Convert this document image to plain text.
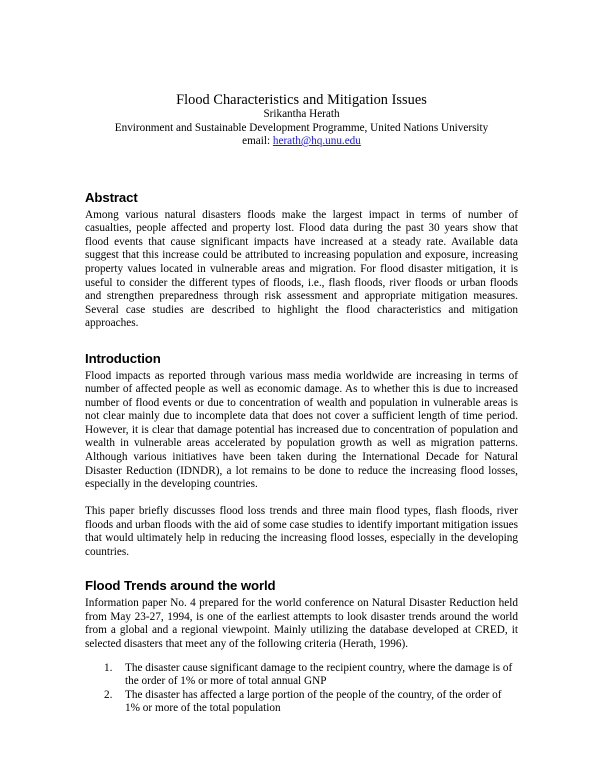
Flood Characteristics and Mitigation Issues
Srikantha Herath
Environment and Sustainable Development Programme, United Nations University
email: herath@hq.unu.edu
Abstract

Among various natural disasters floods make the largest impact in terms of number of casualties, people affected and property lost. Flood data during the past 30 years show that flood events that cause significant impacts have increased at a steady rate. Available data suggest that this increase could be attributed to increasing population and exposure, increasing property values located in vulnerable areas and migration. For flood disaster mitigation, it is useful to consider the different types of floods, i.e., flash floods, river floods or urban floods and strengthen preparedness through risk assessment and appropriate mitigation measures. Several case studies are described to highlight the flood characteristics and mitigation approaches.

Introduction

Flood impacts as reported through various mass media worldwide are increasing in terms of number of affected people as well as economic damage. As to whether this is due to increased number of flood events or due to concentration of wealth and population in vulnerable areas is not clear mainly due to incomplete data that does not cover a sufficient length of time period. However, it is clear that damage potential has increased due to concentration of population and wealth in vulnerable areas accelerated by population growth as well as migration patterns. Although various initiatives have been taken during the International Decade for Natural Disaster Reduction (IDNDR), a lot remains to be done to reduce the increasing flood losses, especially in the developing countries.

This paper briefly discusses flood loss trends and three main flood types, flash floods, river floods and urban floods with the aid of some case studies to identify important mitigation issues that would ultimately help in reducing the increasing flood losses, especially in the developing countries.

Flood Trends around the world

Information paper No. 4 prepared for the world conference on Natural Disaster Reduction held from May 23-27, 1994, is one of the earliest attempts to look disaster trends around the world from a global and a regional viewpoint. Mainly utilizing the database developed at CRED, it selected disasters that meet any of the following criteria (Herath, 1996).

1.	The disaster cause significant damage to the recipient country, where the damage is of the order of 1% or more of total annual GNP
2.	The disaster has affected a large portion of the people of the country, of the order of 1% or more of the total population
